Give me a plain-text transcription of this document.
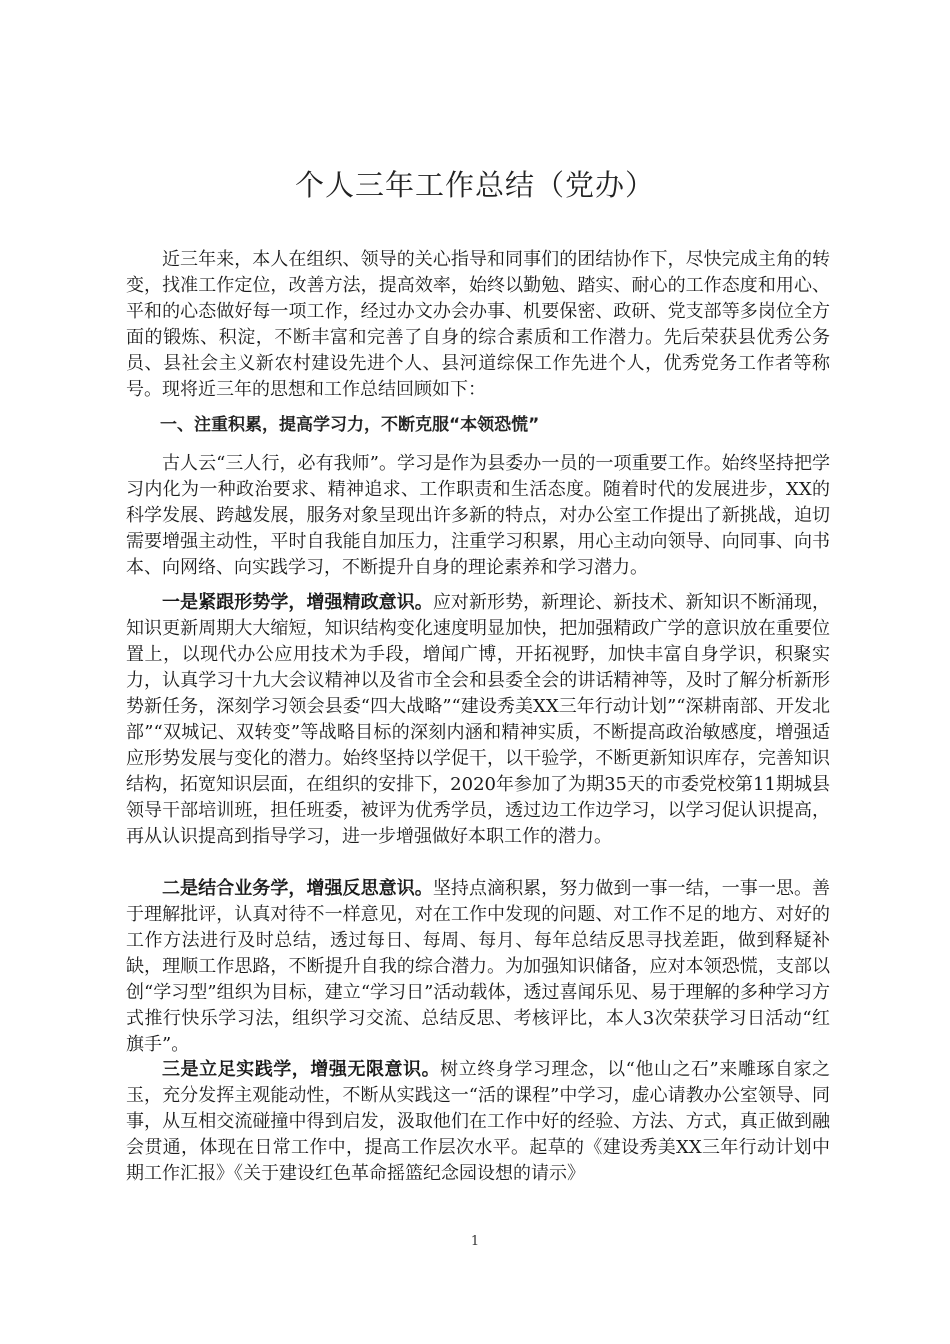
个人三年工作总结（党办）
近三年来，本人在组织、领导的关心指导和同事们的团结协作下，尽快完成主角的转变，找准工作定位，改善方法，提高效率，始终以勤勉、踏实、耐心的工作态度和用心、平和的心态做好每一项工作，经过办文办会办事、机要保密、政研、党支部等多岗位全方面的锻炼、积淀，不断丰富和完善了自身的综合素质和工作潜力。先后荣获县优秀公务员、县社会主义新农村建设先进个人、县河道综保工作先进个人，优秀党务工作者等称号。现将近三年的思想和工作总结回顾如下：
一、注重积累，提高学习力，不断克服“本领恐慌”
古人云“三人行，必有我师”。学习是作为县委办一员的一项重要工作。始终坚持把学习内化为一种政治要求、精神追求、工作职责和生活态度。随着时代的发展进步，XX的科学发展、跨越发展，服务对象呈现出许多新的特点，对办公室工作提出了新挑战，迫切需要增强主动性，平时自我能自加压力，注重学习积累，用心主动向领导、向同事、向书本、向网络、向实践学习，不断提升自身的理论素养和学习潜力。
一是紧跟形势学，增强精政意识。应对新形势，新理论、新技术、新知识不断涌现，知识更新周期大大缩短，知识结构变化速度明显加快，把加强精政广学的意识放在重要位置上，以现代办公应用技术为手段，增闻广博，开拓视野，加快丰富自身学识，积聚实力，认真学习十九大会议精神以及省市全会和县委全会的讲话精神等，及时了解分析新形势新任务，深刻学习领会县委“四大战略”“建设秀美XX三年行动计划”“深耕南部、开发北部”“双城记、双转变”等战略目标的深刻内涵和精神实质，不断提高政治敏感度，增强适应形势发展与变化的潜力。始终坚持以学促干，以干验学，不断更新知识库存，完善知识结构，拓宽知识层面，在组织的安排下，2020年参加了为期35天的市委党校第11期城县领导干部培训班，担任班委，被评为优秀学员，透过边工作边学习，以学习促认识提高，再从认识提高到指导学习，进一步增强做好本职工作的潜力。
二是结合业务学，增强反思意识。坚持点滴积累，努力做到一事一结，一事一思。善于理解批评，认真对待不一样意见，对在工作中发现的问题、对工作不足的地方、对好的工作方法进行及时总结，透过每日、每周、每月、每年总结反思寻找差距，做到释疑补缺，理顺工作思路，不断提升自我的综合潜力。为加强知识储备，应对本领恐慌，支部以创“学习型”组织为目标，建立“学习日”活动载体，透过喜闻乐见、易于理解的多种学习方式推行快乐学习法，组织学习交流、总结反思、考核评比，本人3次荣获学习日活动“红旗手”。
三是立足实践学，增强无限意识。树立终身学习理念，以“他山之石”来雕琢自家之玉，充分发挥主观能动性，不断从实践这一“活的课程”中学习，虚心请教办公室领导、同事，从互相交流碰撞中得到启发，汲取他们在工作中好的经验、方法、方式，真正做到融会贯通，体现在日常工作中，提高工作层次水平。起草的《建设秀美XX三年行动计划中期工作汇报》《关于建设红色革命摇篮纪念园设想的请示》
1
